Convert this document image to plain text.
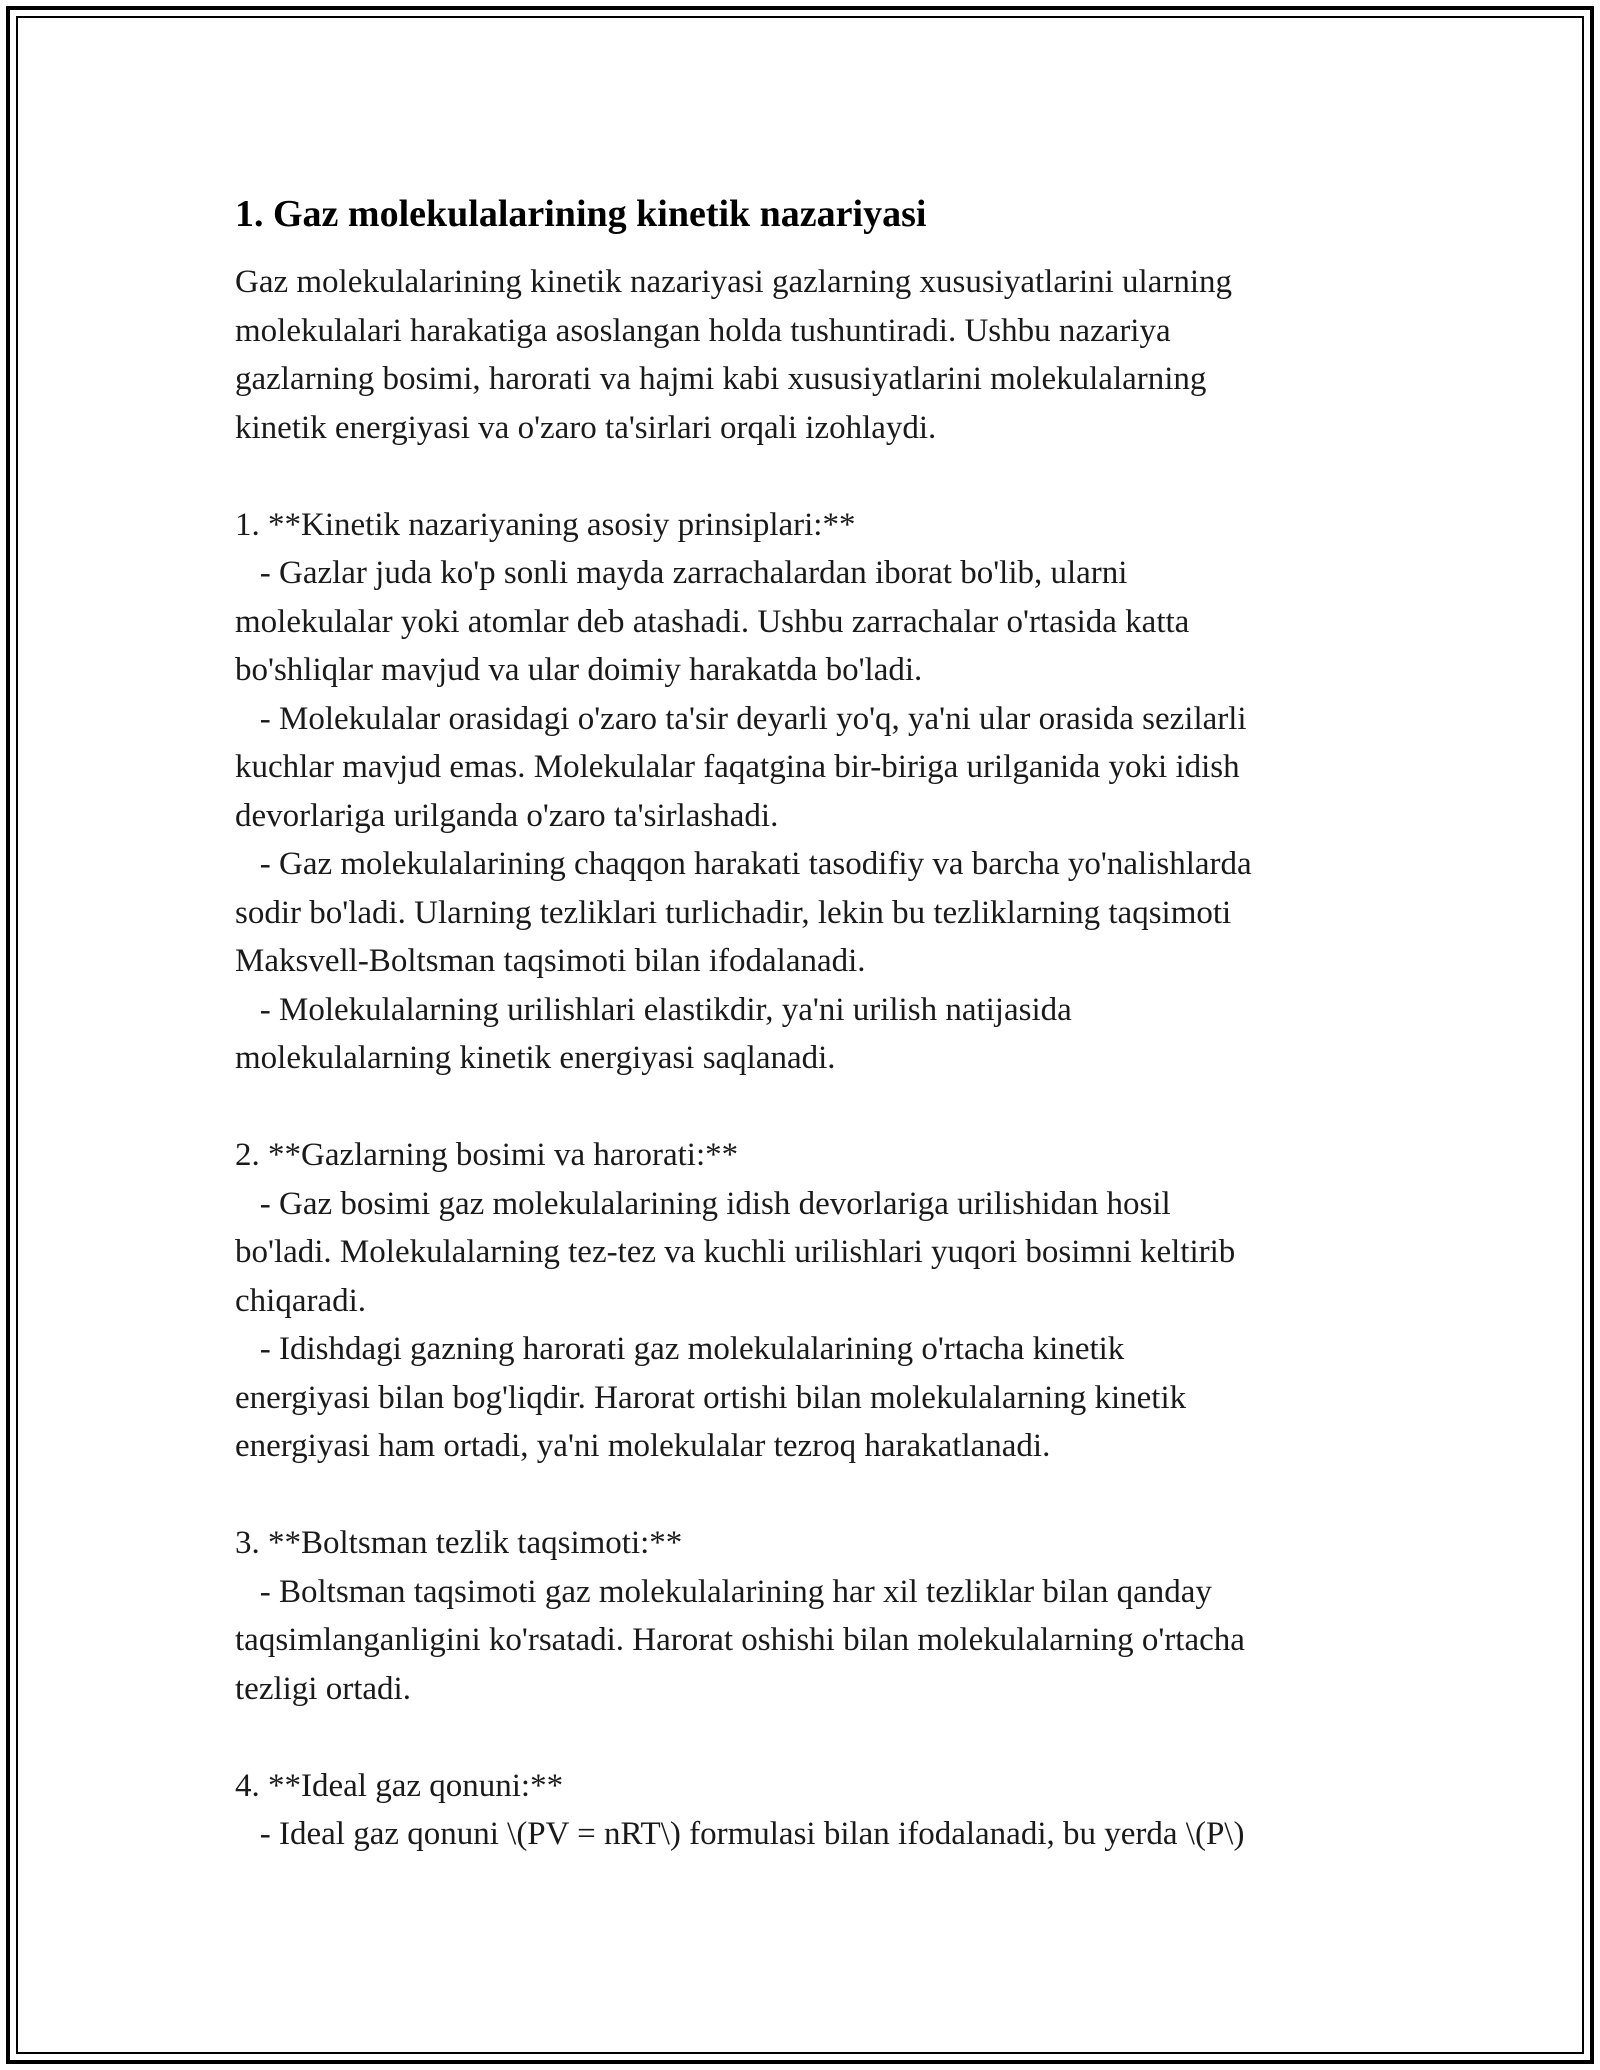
1. Gaz molekulalarining kinetik nazariyasi

Gaz molekulalarining kinetik nazariyasi gazlarning xususiyatlarini ularning
molekulalari harakatiga asoslangan holda tushuntiradi. Ushbu nazariya
gazlarning bosimi, harorati va hajmi kabi xususiyatlarini molekulalarning
kinetik energiyasi va o'zaro ta'sirlari orqali izohlaydi.

1. **Kinetik nazariyaning asosiy prinsiplari:**
- Gazlar juda ko'p sonli mayda zarrachalardan iborat bo'lib, ularni
molekulalar yoki atomlar deb atashadi. Ushbu zarrachalar o'rtasida katta
bo'shliqlar mavjud va ular doimiy harakatda bo'ladi.
- Molekulalar orasidagi o'zaro ta'sir deyarli yo'q, ya'ni ular orasida sezilarli
kuchlar mavjud emas. Molekulalar faqatgina bir-biriga urilganida yoki idish
devorlariga urilganda o'zaro ta'sirlashadi.
- Gaz molekulalarining chaqqon harakati tasodifiy va barcha yo'nalishlarda
sodir bo'ladi. Ularning tezliklari turlichadir, lekin bu tezliklarning taqsimoti
Maksvell-Boltsman taqsimoti bilan ifodalanadi.
- Molekulalarning urilishlari elastikdir, ya'ni urilish natijasida
molekulalarning kinetik energiyasi saqlanadi.

2. **Gazlarning bosimi va harorati:**
- Gaz bosimi gaz molekulalarining idish devorlariga urilishidan hosil
bo'ladi. Molekulalarning tez-tez va kuchli urilishlari yuqori bosimni keltirib
chiqaradi.
- Idishdagi gazning harorati gaz molekulalarining o'rtacha kinetik
energiyasi bilan bog'liqdir. Harorat ortishi bilan molekulalarning kinetik
energiyasi ham ortadi, ya'ni molekulalar tezroq harakatlanadi.

3. **Boltsman tezlik taqsimoti:**
- Boltsman taqsimoti gaz molekulalarining har xil tezliklar bilan qanday
taqsimlanganligini ko'rsatadi. Harorat oshishi bilan molekulalarning o'rtacha
tezligi ortadi.

4. **Ideal gaz qonuni:**
- Ideal gaz qonuni \(PV = nRT\) formulasi bilan ifodalanadi, bu yerda \(P\)
